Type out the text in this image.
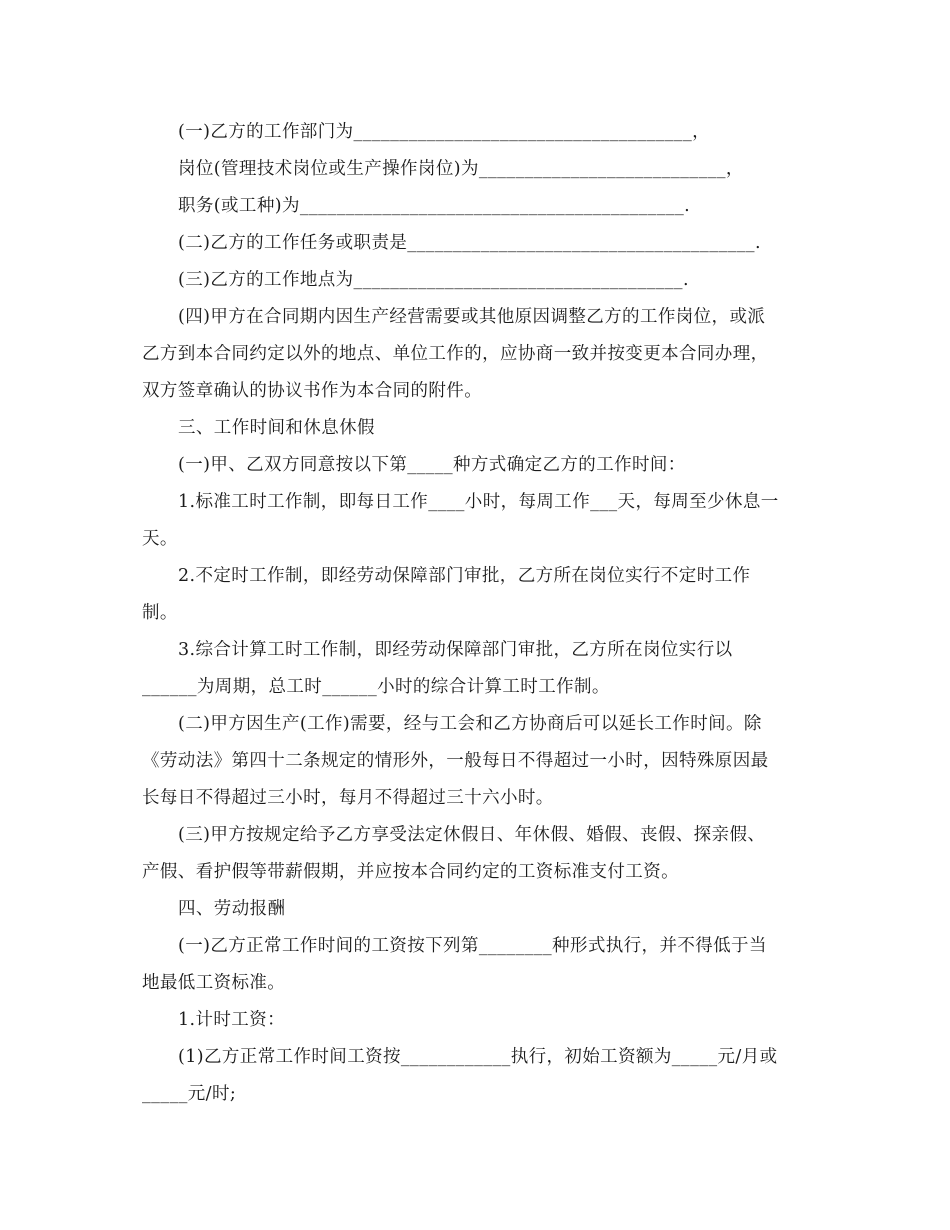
(一)乙方的工作部门为_____________________________________，
岗位(管理技术岗位或生产操作岗位)为___________________________，
职务(或工种)为__________________________________________.
(二)乙方的工作任务或职责是______________________________________.
(三)乙方的工作地点为____________________________________.
(四)甲方在合同期内因生产经营需要或其他原因调整乙方的工作岗位，或派
乙方到本合同约定以外的地点、单位工作的，应协商一致并按变更本合同办理，
双方签章确认的协议书作为本合同的附件。
三、工作时间和休息休假
(一)甲、乙双方同意按以下第_____种方式确定乙方的工作时间：
1.标准工时工作制，即每日工作____小时，每周工作___天，每周至少休息一
天。
2.不定时工作制，即经劳动保障部门审批，乙方所在岗位实行不定时工作
制。
3.综合计算工时工作制，即经劳动保障部门审批，乙方所在岗位实行以
______为周期，总工时______小时的综合计算工时工作制。
(二)甲方因生产(工作)需要，经与工会和乙方协商后可以延长工作时间。除
《劳动法》第四十二条规定的情形外，一般每日不得超过一小时，因特殊原因最
长每日不得超过三小时，每月不得超过三十六小时。
(三)甲方按规定给予乙方享受法定休假日、年休假、婚假、丧假、探亲假、
产假、看护假等带薪假期，并应按本合同约定的工资标准支付工资。
四、劳动报酬
(一)乙方正常工作时间的工资按下列第________种形式执行，并不得低于当
地最低工资标准。
1.计时工资：
(1)乙方正常工作时间工资按____________执行，初始工资额为_____元/月或
_____元/时;
